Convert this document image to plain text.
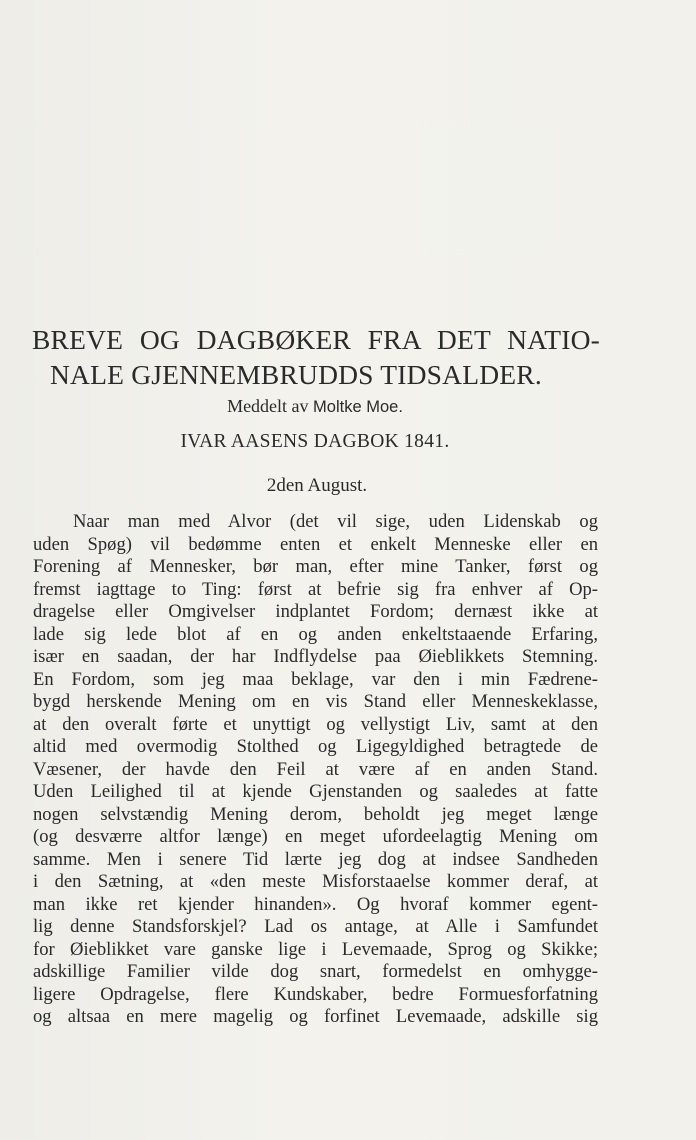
BREVE OG DAGBØKER FRA DET NATIO-
NALE GJENNEMBRUDDS TIDSALDER.
Meddelt av Moltke Moe.
IVAR AASENS DAGBOK 1841.
2den August.
Naar man med Alvor (det vil sige, uden Lidenskab og
uden Spøg) vil bedømme enten et enkelt Menneske eller en
Forening af Mennesker, bør man, efter mine Tanker, først og
fremst iagttage to Ting: først at befrie sig fra enhver af Op-
dragelse eller Omgivelser indplantet Fordom; dernæst ikke at
lade sig lede blot af en og anden enkeltstaaende Erfaring,
især en saadan, der har Indflydelse paa Øieblikkets Stemning.
En Fordom, som jeg maa beklage, var den i min Fædrene-
bygd herskende Mening om en vis Stand eller Menneskeklasse,
at den overalt førte et unyttigt og vellystigt Liv, samt at den
altid med overmodig Stolthed og Ligegyldighed betragtede de
Væsener, der havde den Feil at være af en anden Stand.
Uden Leilighed til at kjende Gjenstanden og saaledes at fatte
nogen selvstændig Mening derom, beholdt jeg meget længe
(og desværre altfor længe) en meget ufordeelagtig Mening om
samme. Men i senere Tid lærte jeg dog at indsee Sandheden
i den Sætning, at «den meste Misforstaaelse kommer deraf, at
man ikke ret kjender hinanden». Og hvoraf kommer egent-
lig denne Standsforskjel? Lad os antage, at Alle i Samfundet
for Øieblikket vare ganske lige i Levemaade, Sprog og Skikke;
adskillige Familier vilde dog snart, formedelst en omhygge-
ligere Opdragelse, flere Kundskaber, bedre Formuesforfatning
og altsaa en mere magelig og forfinet Levemaade, adskille sig
